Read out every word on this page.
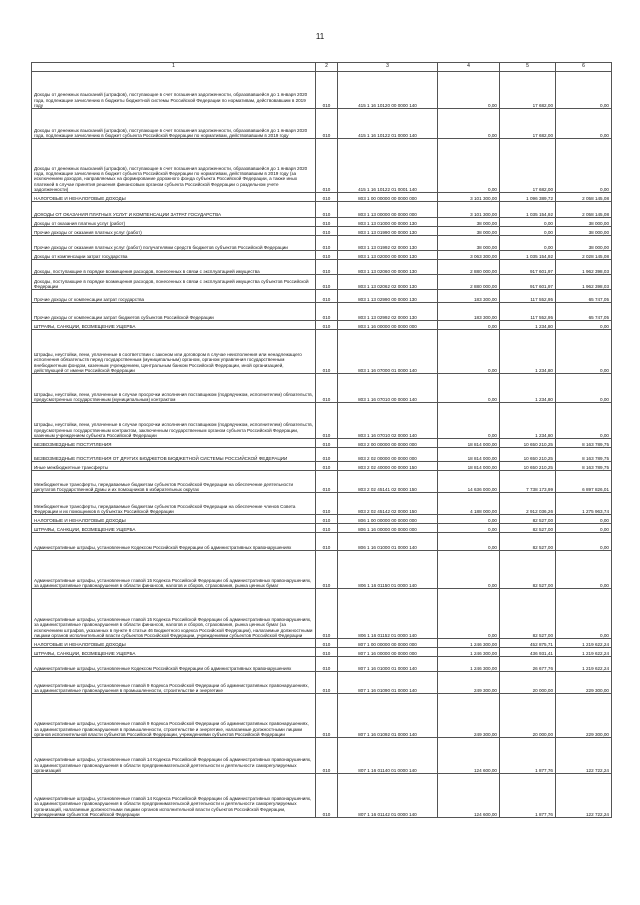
11
1	2	3	4	5	6
Доходы от денежных взысканий (штрафов), поступающие в счет погашения задолженности, образовавшейся до 1 января 2020 года, подлежащие зачислению в бюджеты бюджетной системы Российской Федерации по нормативам, действовавшим в 2019 году	010	415 1 16 10120 00 0000 140	0,00	17 682,00	0,00
Доходы от денежных взысканий (штрафов), поступающие в счет погашения задолженности, образовавшейся до 1 января 2020 года, подлежащие зачислению в бюджет субъекта Российской Федерации по нормативам, действовавшим в 2019 году	010	415 1 16 10122 01 0000 140	0,00	17 682,00	0,00
Доходы от денежных взысканий (штрафов), поступающие в счет погашения задолженности, образовавшейся до 1 января 2020 года, подлежащие зачислению в бюджет субъекта Российской Федерации по нормативам, действовавшим в 2019 году (за исключением доходов, направляемых на формирование дорожного фонда субъекта Российской Федерации, а также иных платежей в случае принятия решения финансовым органом субъекта Российской Федерации о раздельном учете задолженности)	010	415 1 16 10122 01 0001 140	0,00	17 682,00	0,00
НАЛОГОВЫЕ И НЕНАЛОГОВЫЕ ДОХОДЫ	010	803 1 00 00000 00 0000 000	3 101 300,00	1 096 389,72	2 058 145,08
ДОХОДЫ ОТ ОКАЗАНИЯ ПЛАТНЫХ УСЛУГ И КОМПЕНСАЦИИ ЗАТРАТ ГОСУДАРСТВА	010	803 1 13 00000 00 0000 000	3 101 300,00	1 035 154,92	2 058 145,08
Доходы от оказания платных услуг (работ)	010	803 1 13 01000 00 0000 130	38 000,00	0,00	38 000,00
Прочие доходы от оказания платных услуг (работ)	010	803 1 13 01990 00 0000 130	38 000,00	0,00	38 000,00
Прочие доходы от оказания платных услуг (работ) получателями средств бюджетов субъектов Российской Федерации	010	803 1 13 01992 02 0000 130	38 000,00	0,00	38 000,00
Доходы от компенсации затрат государства	010	803 1 13 02000 00 0000 130	3 063 300,00	1 035 154,92	2 028 145,08
Доходы, поступающие в порядке возмещения расходов, понесенных в связи с эксплуатацией имущества	010	803 1 13 02060 00 0000 130	2 880 000,00	917 601,97	1 962 398,03
Доходы, поступающие в порядке возмещения расходов, понесенных в связи с эксплуатацией имущества субъектов Российской Федерации	010	803 1 13 02062 02 0000 130	2 880 000,00	917 601,97	1 962 398,03
Прочие доходы от компенсации затрат государства	010	803 1 13 02990 00 0000 130	183 300,00	117 552,95	65 747,05
Прочие доходы от компенсации затрат бюджетов субъектов Российской Федерации	010	803 1 13 02992 02 0000 130	183 300,00	117 552,95	65 747,05
ШТРАФЫ, САНКЦИИ, ВОЗМЕЩЕНИЕ УЩЕРБА	010	803 1 16 00000 00 0000 000	0,00	1 234,80	0,00
Штрафы, неустойки, пени, уплаченные в соответствии с законом или договором в случае неисполнения или ненадлежащего исполнения обязательств перед государственным (муниципальным) органом, органом управления государственным внебюджетным фондом, казенным учреждением, Центральным банком Российской Федерации, иной организацией, действующей от имени Российской Федерации	010	803 1 16 07000 01 0000 140	0,00	1 234,80	0,00
Штрафы, неустойки, пени, уплаченные в случае просрочки исполнения поставщиком (подрядчиком, исполнителем) обязательств, предусмотренных государственным (муниципальным) контрактом	010	803 1 16 07010 00 0000 140	0,00	1 234,80	0,00
Штрафы, неустойки, пени, уплаченные в случае просрочки исполнения поставщиком (подрядчиком, исполнителем) обязательств, предусмотренных государственным контрактом, заключенным государственным органом субъекта Российской Федерации, казенным учреждением субъекта Российской Федерации	010	803 1 16 07010 02 0000 140	0,00	1 234,80	0,00
БЕЗВОЗМЕЗДНЫЕ ПОСТУПЛЕНИЯ	010	803 2 00 00000 00 0000 000	18 814 000,00	10 650 210,25	8 163 789,75
БЕЗВОЗМЕЗДНЫЕ ПОСТУПЛЕНИЯ ОТ ДРУГИХ БЮДЖЕТОВ БЮДЖЕТНОЙ СИСТЕМЫ РОССИЙСКОЙ ФЕДЕРАЦИИ	010	803 2 02 00000 00 0000 000	18 814 000,00	10 650 210,25	8 163 789,75
Иные межбюджетные трансферты	010	803 2 02 40000 00 0000 150	18 814 000,00	10 650 210,25	8 163 789,75
Межбюджетные трансферты, передаваемые бюджетам субъектов Российской Федерации на обеспечение деятельности депутатов Государственной Думы и их помощников в избирательных округах	010	803 2 02 45141 02 0000 150	14 636 000,00	7 738 173,99	6 897 826,01
Межбюджетные трансферты, передаваемые бюджетам субъектов Российской Федерации на обеспечение членов Совета Федерации и их помощников в субъектах Российской Федерации	010	803 2 02 45142 02 0000 150	4 188 000,00	2 912 036,26	1 275 963,74
НАЛОГОВЫЕ И НЕНАЛОГОВЫЕ ДОХОДЫ	010	806 1 00 00000 00 0000 000	0,00	82 527,00	0,00
ШТРАФЫ, САНКЦИИ, ВОЗМЕЩЕНИЕ УЩЕРБА	010	806 1 16 00000 00 0000 000	0,00	82 527,00	0,00
Административные штрафы, установленные Кодексом Российской Федерации об административных правонарушениях	010	806 1 16 01000 01 0000 140	0,00	82 527,00	0,00
Административные штрафы, установленные главой 15 Кодекса Российской Федерации об административных правонарушениях, за административные правонарушения в области финансов, налогов и сборов, страхования, рынка ценных бумаг	010	806 1 16 01150 01 0000 140	0,00	82 527,00	0,00
Административные штрафы, установленные главой 15 Кодекса Российской Федерации об административных правонарушениях, за административные правонарушения в области финансов, налогов и сборов, страхования, рынка ценных бумаг (за исключением штрафов, указанных в пункте 6 статьи 46 Бюджетного кодекса Российской Федерации), налагаемые должностными лицами органов исполнительной власти субъектов Российской Федерации, учреждениями субъектов Российской Федерации	010	806 1 16 01152 01 0000 140	0,00	82 527,00	0,00
НАЛОГОВЫЕ И НЕНАЛОГОВЫЕ ДОХОДЫ	010	807 1 00 00000 00 0000 000	1 246 300,00	452 875,71	1 219 622,24
ШТРАФЫ, САНКЦИИ, ВОЗМЕЩЕНИЕ УЩЕРБА	010	807 1 16 00000 00 0000 000	1 246 300,00	436 931,41	1 219 622,24
Административные штрафы, установленные Кодексом Российской Федерации об административных правонарушениях	010	807 1 16 01000 01 0000 140	1 246 300,00	26 677,76	1 219 622,24
Административные штрафы, установленные главой 9 Кодекса Российской Федерации об административных правонарушениях, за административные правонарушения в промышленности, строительстве и энергетике	010	807 1 16 01090 01 0000 140	249 300,00	20 000,00	229 300,00
Административные штрафы, установленные главой 9 Кодекса Российской Федерации об административных правонарушениях, за административные правонарушения в промышленности, строительстве и энергетике, налагаемые должностными лицами органов исполнительной власти субъектов Российской Федерации, учреждениями субъектов Российской Федерации	010	807 1 16 01092 01 0000 140	249 300,00	20 000,00	229 300,00
Административные штрафы, установленные главой 14 Кодекса Российской Федерации об административных правонарушениях, за административные правонарушения в области предпринимательской деятельности и деятельности саморегулируемых организаций	010	807 1 16 01140 01 0000 140	124 600,00	1 877,76	122 722,24
Административные штрафы, установленные главой 14 Кодекса Российской Федерации об административных правонарушениях, за административные правонарушения в области предпринимательской деятельности и деятельности саморегулируемых организаций, налагаемые должностными лицами органов исполнительной власти субъектов Российской Федерации, учреждениями субъектов Российской Федерации	010	807 1 16 01142 01 0000 140	124 600,00	1 877,76	122 722,24
